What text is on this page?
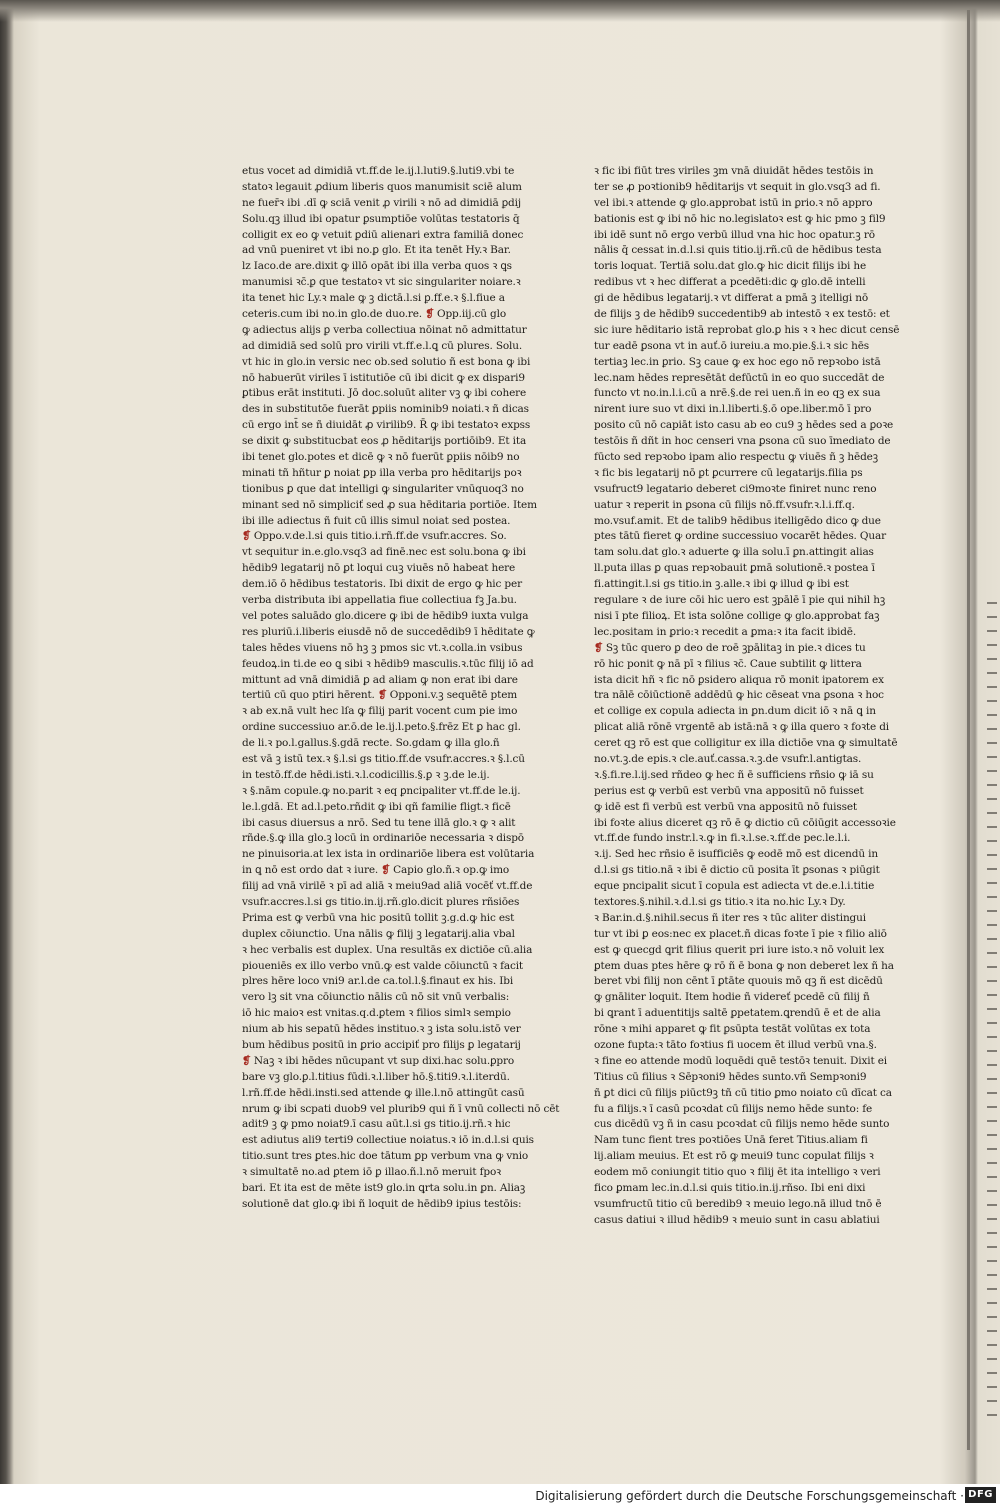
etus vocet ad dimidiā vt.ff.de le.ij.l.luti9.§.luti9.vbi te
statoꝛ legauit ꝓdium liberis quos manumisit sciē alum
ne fuer̄ꝛ ibi .dī ꝙ sciā venit ꝓ virili ꝛ nō ad dimidiā ꝑdij
Solu.qꝫ illud ibi opatur ꝑsumptiōe volūtas testatoris q̄
colligit ex eo ꝙ vetuit ꝑdiū alienari extra familiā donec
ad vnū pueniret vt ibi no.ꝑ glo. Et ita tenēt Hy.ꝛ Bar.
lz Iaco.de are.dixit ꝙ illō opāt ibi illa verba quos ꝛ ꝗs
manumisi ꝛc̄.ꝑ que testatoꝛ vt sic singulariter noiare.ꝛ
ita tenet hic Ly.ꝛ male ꝙ ꝫ dictā.l.si ꝑ.ff.e.ꝛ §.l.fiue a
ceteris.cum ibi no.in glo.de duo.re. ❡ Opp.iij.cū glo
ꝙ adiectus alijs ꝑ verba collectiua nōinat nō admittatur
ad dimidiā sed solū pro virili vt.ff.e.l.ꝗ cū plures. Solu.
vt hic in glo.in versic nec ob.sed solutio ñ est bona ꝙ ibi
nō habuerūt viriles ī istitutiōe cū ibi dicit ꝙ ex dispari9
ꝑtibus erāt instituti. Jō doc.soluūt aliter vꝫ ꝙ ibi cohere
des in substitutōe fuerāt ꝑpiis nominib9 noiati.ꝛ ñ dicas
cū ergo int̄ se ñ diuidāt ꝓ virilib9. R̄ ꝙ ibi testatoꝛ expss
se dixit ꝙ substitucbat eos ꝓ hēditarijs portiōib9. Et ita
ibi tenet glo.potes et dicē ꝙ ꝛ nō fuerūt ꝑpiis nōib9 no
minati tñ hñtur ꝑ noiat ꝑp illa verba pro hēditarijs poꝛ
tionibus ꝑ que dat intelligi ꝙ singulariter vnūquoq3 no
minant sed nō simpliciť sed ꝓ sua hēditaria portiōe. Item
ibi ille adiectus ñ fuit cū illis simul noiat sed postea.
❡ Oppo.v.de.l.si quis titio.i.rñ.ff.de vsufr.accres. So.
vt sequitur in.e.glo.vsq3 ad finē.nec est solu.bona ꝙ ibi
hēdib9 legatarij nō ꝑt loqui cuꝫ viuēs nō habeat here
dem.iō ō hēdibus testatoris. Ibi dixit de ergo ꝙ hic per
verba distributa ibi appellatia fiue collectiua fꝫ Ja.bu.
vel potes saluādo glo.dicere ꝙ ibi de hēdib9 iuxta vulga
res pluriū.i.liberis eiusdē nō de succedēdib9 ī hēditate ꝙ
tales hēdes viuens nō hꝫ ꝫ pmos sic vt.ꝛ.colla.in vsibus
feudoꝝ.in ti.de eo ꝗ sibi ꝛ hēdib9 masculis.ꝛ.tūc filij iō ad
mittunt ad vnā dimidiā ꝑ ad aliam ꝙ non erat ibi dare
tertiū cū quo ptiri hērent. ❡ Opponi.v.ꝫ sequētē ptem
ꝛ ab ex.nā vult hec lſa ꝙ filij parit vocent cum pie imo
ordine successiuo ar.ō.de le.ij.l.peto.§.frēz Et ꝑ hac gl.
de li.ꝛ po.l.gallus.§.gdā recte. So.gdam ꝙ illa glo.ñ
est vā ꝫ istū tex.ꝛ §.l.si gs titio.ff.de vsufr.accres.ꝛ §.l.cū
in testō.ff.de hēdi.isti.ꝛ.l.codicillis.§.ꝑ ꝛ ꝫ.de le.ij.
ꝛ §.nām copule.ꝙ no.parit ꝛ eq ꝑncipaliter vt.ff.de le.ij.
le.l.gdā. Et ad.l.peto.rñdit ꝙ ibi qñ familie fligt.ꝛ ficē
ibi casus diuersus a nrō. Sed tu tene illā glo.ꝛ ꝙ ꝛ alit
rñde.§.ꝙ illa glo.ꝫ locū in ordinariōe necessaria ꝛ dispō
ne pinuisoria.at lex ista in ordinariōe libera est volūtaria
in ꝗ nō est ordo dat ꝛ iure. ❡ Capio glo.ñ.ꝛ op.ꝙ imo
filij ad vnā virilē ꝛ pī ad aliā ꝛ meiu9ad aliā vocēť vt.ff.de
vsufr.accres.l.si gs titio.in.ij.rñ.glo.dicit plures rñsiōes
Prima est ꝙ verbū vna hic positū tollit ꝫ.g.d.ꝙ hic est
duplex cōiunctio. Una nālis ꝙ filij ꝫ legatarij.alia vbal
ꝛ hec verbalis est duplex. Una resultās ex dictiōe cū.alia
pioueniēs ex illo verbo vnū.ꝙ est valde cōiunctū ꝛ facit
plres hēre loco vni9 ar.l.de ca.tol.l.§.finaut ex his. Ibi
vero lꝫ sit vna cōiunctio nālis cū nō sit vnū verbalis:
iō hic maioꝛ est vnitas.q.d.ꝑtem ꝛ filios simlꝛ sempio
nium ab his sepatū hēdes instituo.ꝛ ꝫ ista solu.istō ver
bum hēdibus positū in ꝑrio accipiť pro filijs ꝑ legatarij
❡ Naꝫ ꝛ ibi hēdes nūcupant vt sup dixi.hac solu.ꝑpro
bare vꝫ glo.ꝑ.l.titius fūdi.ꝛ.l.liber hō.§.titi9.ꝛ.l.iterdū.
l.rñ.ff.de hēdi.insti.sed attende ꝙ ille.l.nō attingūt casū
nrum ꝙ ibi scpati duob9 vel plurib9 qui ñ ī vnū collecti nō cēt
adit9 ꝫ ꝙ pmo noiat9.ī casu aūt.l.si gs titio.ij.rñ.ꝛ hic
est adiutus ali9 terti9 collectiue noiatus.ꝛ iō in.d.l.si quis
titio.sunt tres ꝑtes.hic doe tātum ꝑp verbum vna ꝙ vnio
ꝛ simultatē no.ad ꝑtem iō ꝑ illao.ñ.l.nō meruit fpoꝛ
bari. Et ita est de mēte ist9 glo.in ꝗrta solu.in ꝑn. Aliaꝫ
solutionē dat glo.ꝙ ibi ñ loquit de hēdib9 ipius testōis:
ꝛ fic ibi fiūt tres viriles ꝫm vnā diuidāt hēdes testōis in
ter se ꝓ poꝛtionib9 hēditarijs vt sequit in glo.vsq3 ad fi.
vel ibi.ꝛ attende ꝙ glo.approbat istū in ꝑrio.ꝛ nō appro
bationis est ꝙ ibi nō hic no.legislatoꝛ est ꝙ hic pmo ꝫ fil9
ibi idē sunt nō ergo verbū illud vna hic hoc opatur.ꝫ rō
nālis q̄ cessat in.d.l.si quis titio.ij.rñ.cū de hēdibus testa
toris loquat. Tertiā solu.dat glo.ꝙ hic dicit filijs ibi he
redibus vt ꝛ hec differat a pcedēti:dic ꝙ glo.dē intelli
gi de hēdibus legatarij.ꝛ vt differat a pmā ꝫ itelligi nō
de filijs ꝫ de hēdib9 succedentib9 ab intestō ꝛ ex testō: et
sic iure hēditario istā reprobat glo.ꝑ his ꝛ ꝛ hec dicut censē
tur eadē ꝑsona vt in auť.ō iureiu.a mo.pie.§.i.ꝛ sic hēs
tertiaꝫ lec.in ꝑrio. Sꝫ caue ꝙ ex hoc ego nō repꝛobo istā
lec.nam hēdes represētāt defūctū in eo quo succedāt de
functo vt no.in.l.i.cū a nrē.§.de rei uen.ñ in eo qꝫ ex sua
nirent iure suo vt dixi in.l.liberti.§.ō ope.liber.mō ī pro
posito cū nō capiāt isto casu ab eo cu9 ꝫ hēdes sed a ꝑoꝛe
testōis ñ dñt in hoc censeri vna ꝑsona cū suo īmediato de
fūcto sed repꝛobo ipam alio respectu ꝙ viuēs ñ ꝫ hēdeꝫ
ꝛ fic bis legatarij nō ꝑt ꝑcurrere cū legatarijs.filia ps
vsufruct9 legatario deberet ci9moꝛte finiret nunc reno
uatur ꝛ reperit in ꝑsona cū filijs nō.ff.vsufr.ꝛ.l.i.ff.q.
mo.vsuf.amit. Et de talib9 hēdibus itelligēdo dico ꝙ due
ptes tātū fieret ꝙ ordine successiuo vocarēt hēdes. Quar
tam solu.dat glo.ꝛ aduerte ꝙ illa solu.ī ꝑn.attingit alias
ll.puta illas ꝑ quas repꝛobauit ꝑmā solutionē.ꝛ postea ī
fi.attingit.l.si gs titio.in ꝫ.alle.ꝛ ibi ꝙ illud ꝙ ibi est
regulare ꝛ de iure cōi hic uero est ꝫpālē ī pie qui nihil hꝫ
nisi ī pte filioꝝ. Et ista solōne collige ꝙ glo.approbat faꝫ
lec.positam in ꝑrio:ꝛ recedit a ꝑma:ꝛ ita facit ibidē.
❡ Sꝫ tūc quero ꝑ deo de roē ꝫpālitaꝫ in pie.ꝛ dices tu
rō hic ponit ꝙ nā pī ꝛ filius ꝛc̄. Caue subtilit ꝙ littera
ista dicit hñ ꝛ fic nō ꝑsidero aliqua rō monit ipatorem ex
tra nālē cōiūctionē addēdū ꝙ hic cēseat vna ꝑsona ꝛ hoc
et collige ex copula adiecta in ꝑn.dum dicit iō ꝛ nā ꝗ in
plicat aliā rōnē vrgentē ab istā:nā ꝛ ꝙ illa quero ꝛ foꝛte di
ceret qꝫ rō est que colligitur ex illa dictiōe vna ꝙ simultatē
no.vt.ꝫ.de epis.ꝛ cle.auť.cassa.ꝛ.ꝫ.de vsufr.l.antigtas.
ꝛ.§.fi.re.l.ij.sed rñdeo ꝙ hec ñ ē sufficiens rñsio ꝙ iā su
perius est ꝙ verbū est verbū vna appositū nō fuisset
ꝙ idē est fi verbū est verbū vna appositū nō fuisset
ibi foꝛte alius diceret qꝫ rō ē ꝙ dictio cū cōiūgit accessoꝛie
vt.ff.de fundo instr.l.ꝛ.ꝙ in fi.ꝛ.l.se.ꝛ.ff.de pec.le.l.i.
ꝛ.ij. Sed hec rñsio ē isufficiēs ꝙ eodē mō est dicendū in
d.l.si gs titio.nā ꝛ ibi ē dictio cū posita īt ꝑsonas ꝛ piūgit
eque pncipalit sicut ī copula est adiecta vt de.e.l.i.titie
textores.§.nihil.ꝛ.d.l.si gs titio.ꝛ ita no.hic Ly.ꝛ Dy.
ꝛ Bar.in.d.§.nihil.secus ñ iter res ꝛ tūc aliter distingui
tur vt ibi ꝑ eos:nec ex placet.ñ dicas foꝛte ī pie ꝛ filio aliō
est ꝙ quecgd ꝗrit filius querit pri iure isto.ꝛ nō voluit lex
ꝑtem duas ptes hēre ꝙ rō ñ ē bona ꝙ non deberet lex ñ ha
beret vbi filij non cēnt ī ꝑtāte quouis mō qꝫ ñ est dicēdū
ꝙ gnāliter loquit. Item hodie ñ videreť pcedē cū filij ñ
bi ꝗrant ī aduentitijs saltē ꝑpetatem.ꝗrendū ē et de alia
rōne ꝛ mihi apparet ꝙ fit ꝑsūpta testāt volūtas ex tota
ozone fupta:ꝛ tāto foꝛtius fi uocem ēt illud verbū vna.§.
ꝛ fine eo attende modū loquēdi quē testōꝛ tenuit. Dixit ei
Titius cū filius ꝛ Sēpꝛoni9 hēdes sunto.vñ Sempꝛoni9
ñ ꝑt dici cū filijs piūct9ꝫ tñ cū titio ꝑmo noiato cū dīcat ca
fu a filijs.ꝛ ī casū pcoꝛdat cū filijs nemo hēde sunto: fe
cus dicēdū vꝫ ñ in casu pcoꝛdat cū filijs nemo hēde sunto
Nam tunc fient tres poꝛtiōes Unā feret Titius.aliam fi
lij.aliam meuius. Et est rō ꝙ meui9 tunc copulat filijs ꝛ
eodem mō coniungit titio quo ꝛ filij ēt ita intelligo ꝛ veri
fico ꝑmam lec.in.d.l.si quis titio.in.ij.rñso. Ibi eni dixi
vsumfructū titio cū beredib9 ꝛ meuio lego.nā illud tnō ē
casus datiui ꝛ illud hēdib9 ꝛ meuio sunt in casu ablatiui
Digitalisierung gefördert durch die Deutsche Forschungsgemeinschaft · DFG
